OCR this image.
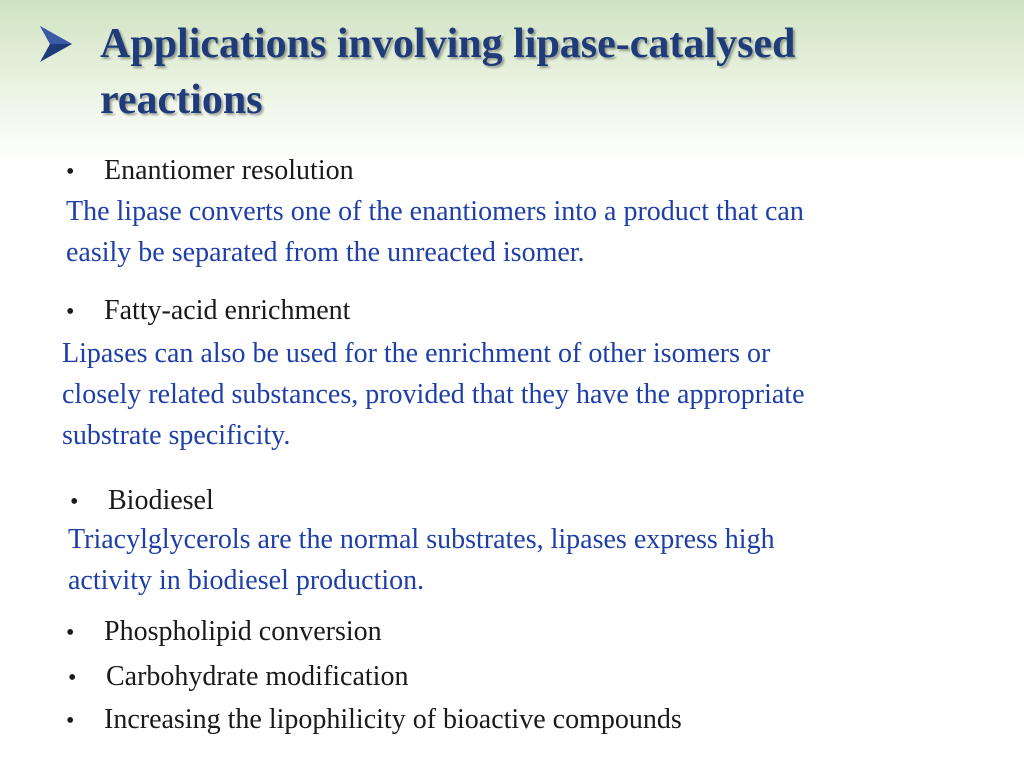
Applications involving lipase-catalysed
reactions
• Enantiomer resolution
The lipase converts one of the enantiomers into a product that can
easily be separated from the unreacted isomer.
• Fatty-acid enrichment
Lipases can also be used for the enrichment of other isomers or
closely related substances, provided that they have the appropriate
substrate specificity.
• Biodiesel
Triacylglycerols are the normal substrates, lipases express high
activity in biodiesel production.
• Phospholipid conversion
• Carbohydrate modification
• Increasing the lipophilicity of bioactive compounds
